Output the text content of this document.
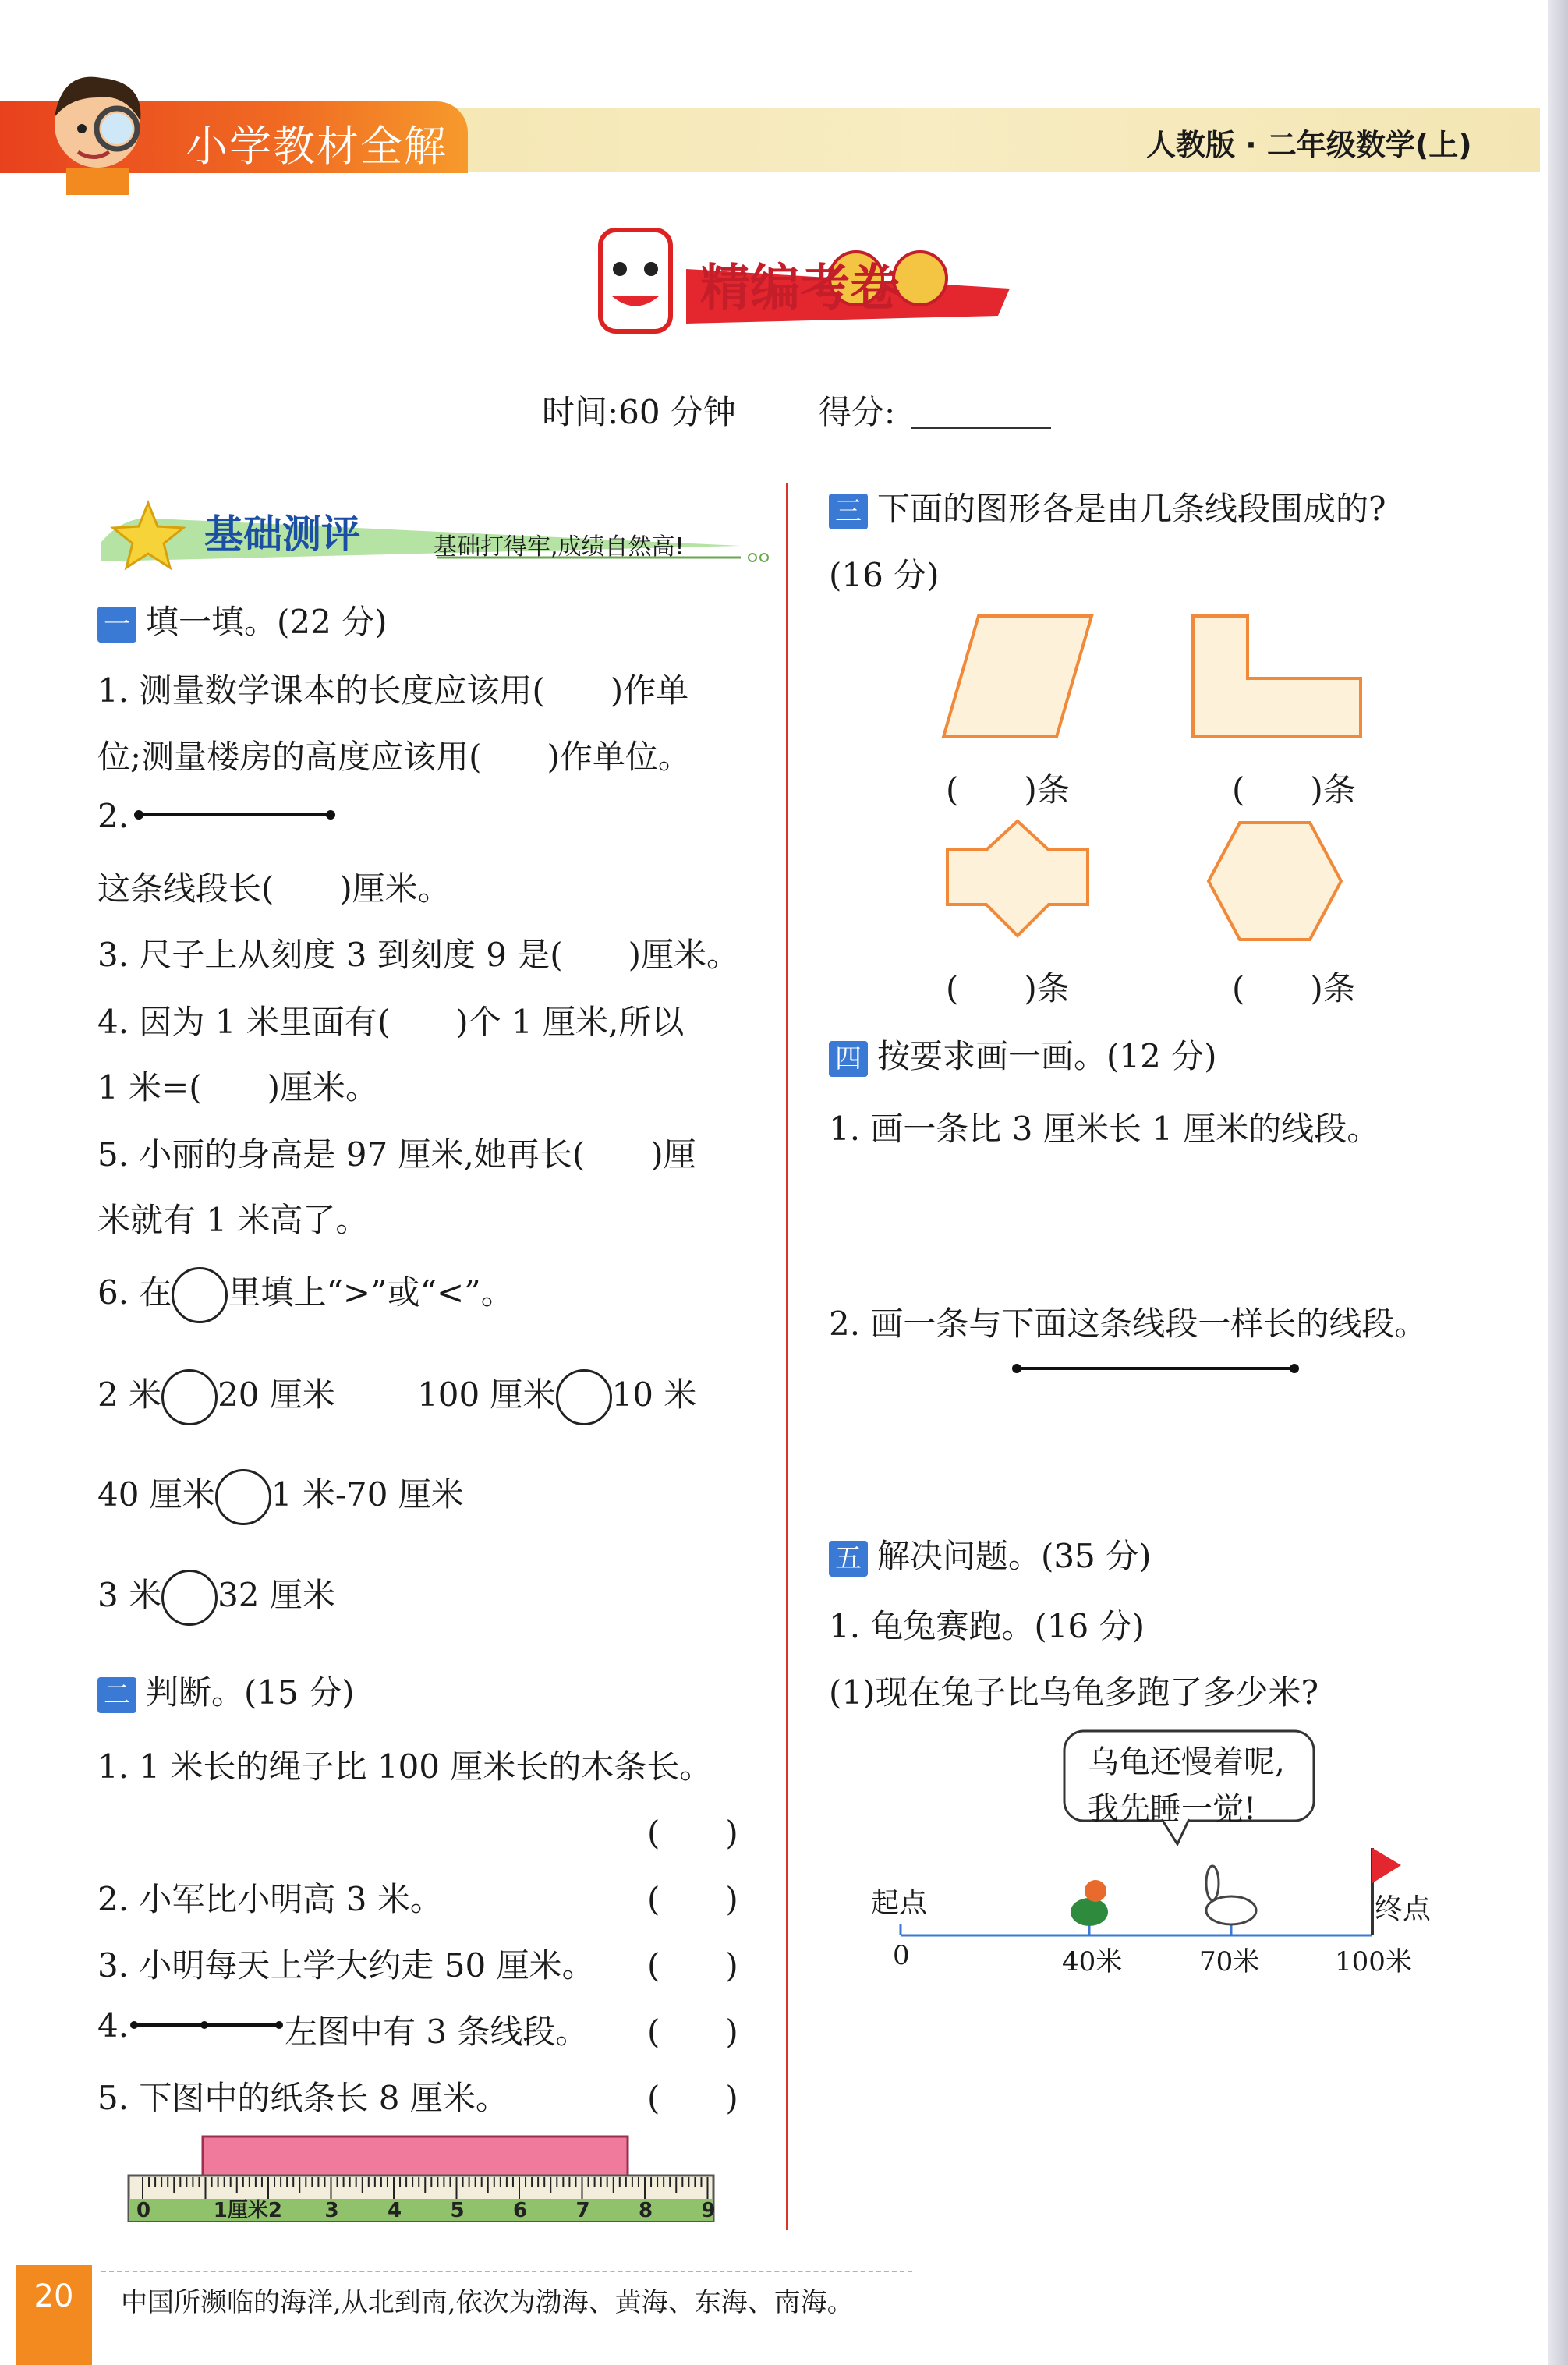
小学教材全解	人教版 · 二年级数学(上)
精编考卷
时间:60 分钟	得分:
基础测评	基础打得牢,成绩自然高!
一 填一填。(22 分)
1. 测量数学课本的长度应该用(　　)作单
位;测量楼房的高度应该用(　　)作单位。
2.
这条线段长(　　)厘米。
3. 尺子上从刻度 3 到刻度 9 是(　　)厘米。
4. 因为 1 米里面有(　　)个 1 厘米,所以
1 米=(　　)厘米。
5. 小丽的身高是 97 厘米,她再长(　　)厘
米就有 1 米高了。
6. 在 里填上“>”或“<”。
2 米 20 厘米	100 厘米 10 米
40 厘米 1 米-70 厘米
3 米 32 厘米
二 判断。(15 分)
1. 1 米长的绳子比 100 厘米长的木条长。
(　　)
2. 小军比小明高 3 米。	(　　)
3. 小明每天上学大约走 50 厘米。 (　　)
4.	左图中有 3 条线段。 (　　)
5. 下图中的纸条长 8 厘米。	(　　)
0	1厘米2 3 4 5 6 7 8 9
三 下面的图形各是由几条线段围成的?
(16 分)
(　　)条	(　　)条
(　　)条	(　　)条
四 按要求画一画。(12 分)
1. 画一条比 3 厘米长 1 厘米的线段。
2. 画一条与下面这条线段一样长的线段。
五 解决问题。(35 分)
1. 龟兔赛跑。(16 分)
(1)现在兔子比乌龟多跑了多少米?
乌龟还慢着呢,
我先睡一觉!
起点	终点
0	40米	70米	100米
20	中国所濒临的海洋,从北到南,依次为渤海、黄海、东海、南海。
